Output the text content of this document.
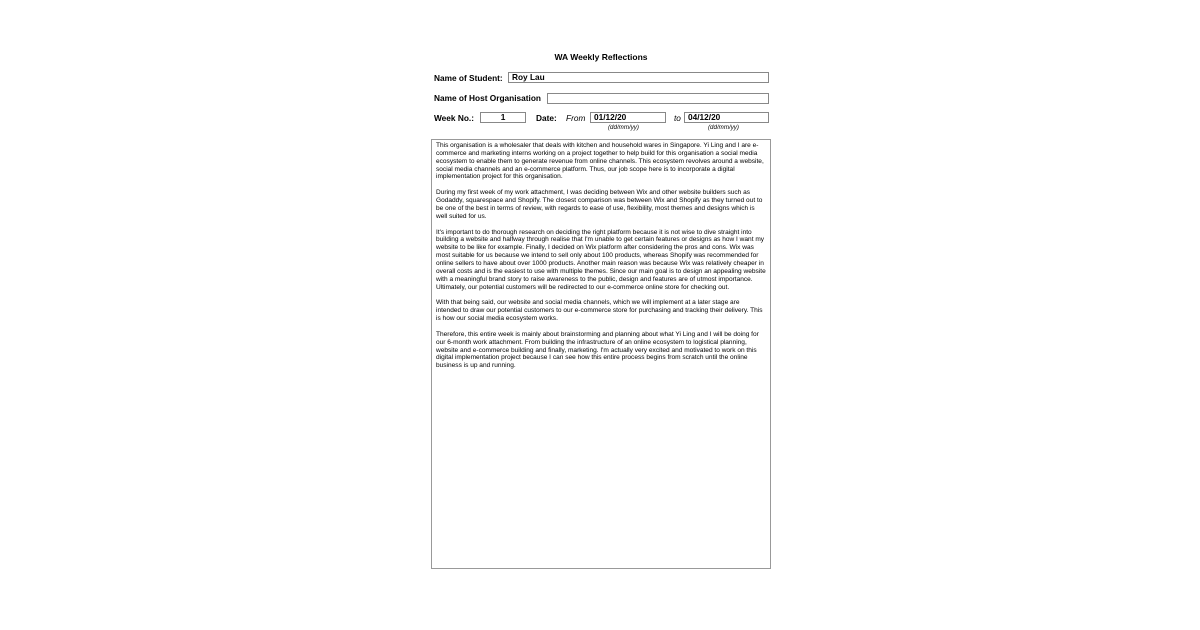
WA Weekly Reflections
Name of Student:	Roy Lau
Name of Host Organisation
Week No.:	1	Date: From	01/12/20
(dd/mm/yy)
to 04/12/20
(dd/mm/yy)

This organisation is a wholesaler that deals with kitchen and household wares in Singapore. Yi Ling and I are e-commerce and marketing interns working on a project together to help build for this organisation a social media ecosystem to enable them to generate revenue from online channels. This ecosystem revolves around a website, social media channels and an e-commerce platform. Thus, our job scope here is to incorporate a digital implementation project for this organisation.

During my first week of my work attachment, I was deciding between Wix and other website builders such as Godaddy, squarespace and Shopify. The closest comparison was between Wix and Shopify as they turned out to be one of the best in terms of review, with regards to ease of use, flexibility, most themes and designs which is well suited for us.

It's important to do thorough research on deciding the right platform because it is not wise to dive straight into building a website and halfway through realise that I'm unable to get certain features or designs as how I want my website to be like for example. Finally, I decided on Wix platform after considering the pros and cons. Wix was most suitable for us because we intend to sell only about 100 products, whereas Shopify was recommended for online sellers to have about over 1000 products. Another main reason was because Wix was relatively cheaper in overall costs and is the easiest to use with multiple themes. Since our main goal is to design an appealing website with a meaningful brand story to raise awareness to the public, design and features are of utmost importance. Ultimately, our potential customers will be redirected to our e-commerce online store for checking out.

With that being said, our website and social media channels, which we will implement at a later stage are intended to draw our potential customers to our e-commerce store for purchasing and tracking their delivery. This is how our social media ecosystem works.

Therefore, this entire week is mainly about brainstorming and planning about what Yi Ling and I will be doing for our 6-month work attachment. From building the infrastructure of an online ecosystem to logistical planning, website and e-commerce building and finally, marketing. I'm actually very excited and motivated to work on this digital implementation project because I can see how this entire process begins from scratch until the online business is up and running.
